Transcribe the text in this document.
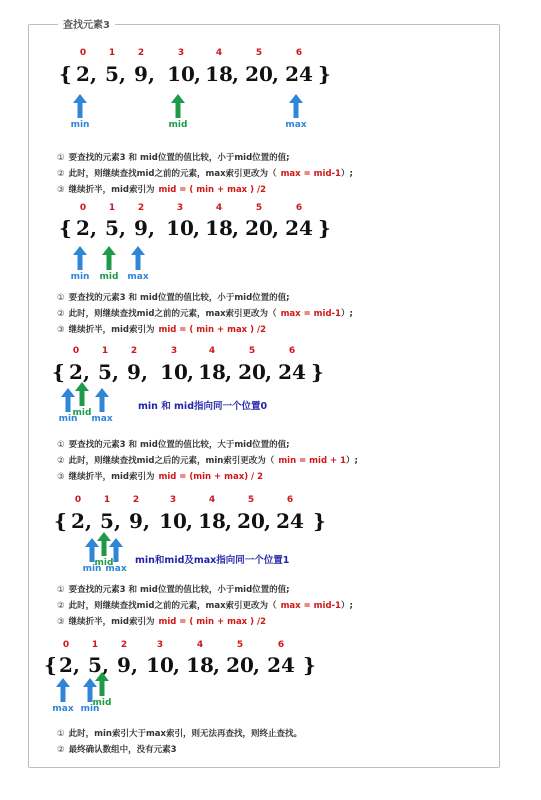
查找元素3
0	1	2	3	4	5	6
{	}
2 , 5 , 9 , 10 , 18 , 20 , 24
min	mid	max
① 要查找的元素3 和 mid位置的值比较，小于mid位置的值;
② 此时，则继续查找mid之前的元素，max索引更改为（ max = mid-1）;
③ 继续折半，mid索引为 mid = ( min + max ) /2
0	1	2	3	4	5	6
{	}
2 , 5 , 9 , 10 , 18 , 20 , 24
min mid max
① 要查找的元素3 和 mid位置的值比较，小于mid位置的值;
② 此时，则继续查找mid之前的元素，max索引更改为（ max = mid-1）;
③ 继续折半，mid索引为 mid = ( min + max ) /2
0	1	2	3	4	5	6
{	}
2 , 5 , 9 , 10 , 18 , 20 , 24
min
mid
max
min 和 mid指向同一个位置0
① 要查找的元素3 和 mid位置的值比较，大于mid位置的值;
② 此时，则继续查找mid之后的元素，min索引更改为（ min = mid + 1）;
③ 继续折半，mid索引为 mid = (min + max) / 2
0	1	2	3	4	5	6
{	}
2 , 5 , 9 , 10 , 18 , 20 , 24
min
mid
max
min和mid及max指向同一个位置1
① 要查找的元素3 和 mid位置的值比较，小于mid位置的值;
② 此时，则继续查找mid之前的元素，max索引更改为（ max = mid-1）;
③ 继续折半，mid索引为 mid = ( min + max ) /2
0	1	2	3	4	5	6
{	}
2 , 5 , 9 , 10 , 18 , 20 , 24
max min
mid
① 此时，min索引大于max索引，则无法再查找，则终止查找。
② 最终确认数组中，没有元素3
